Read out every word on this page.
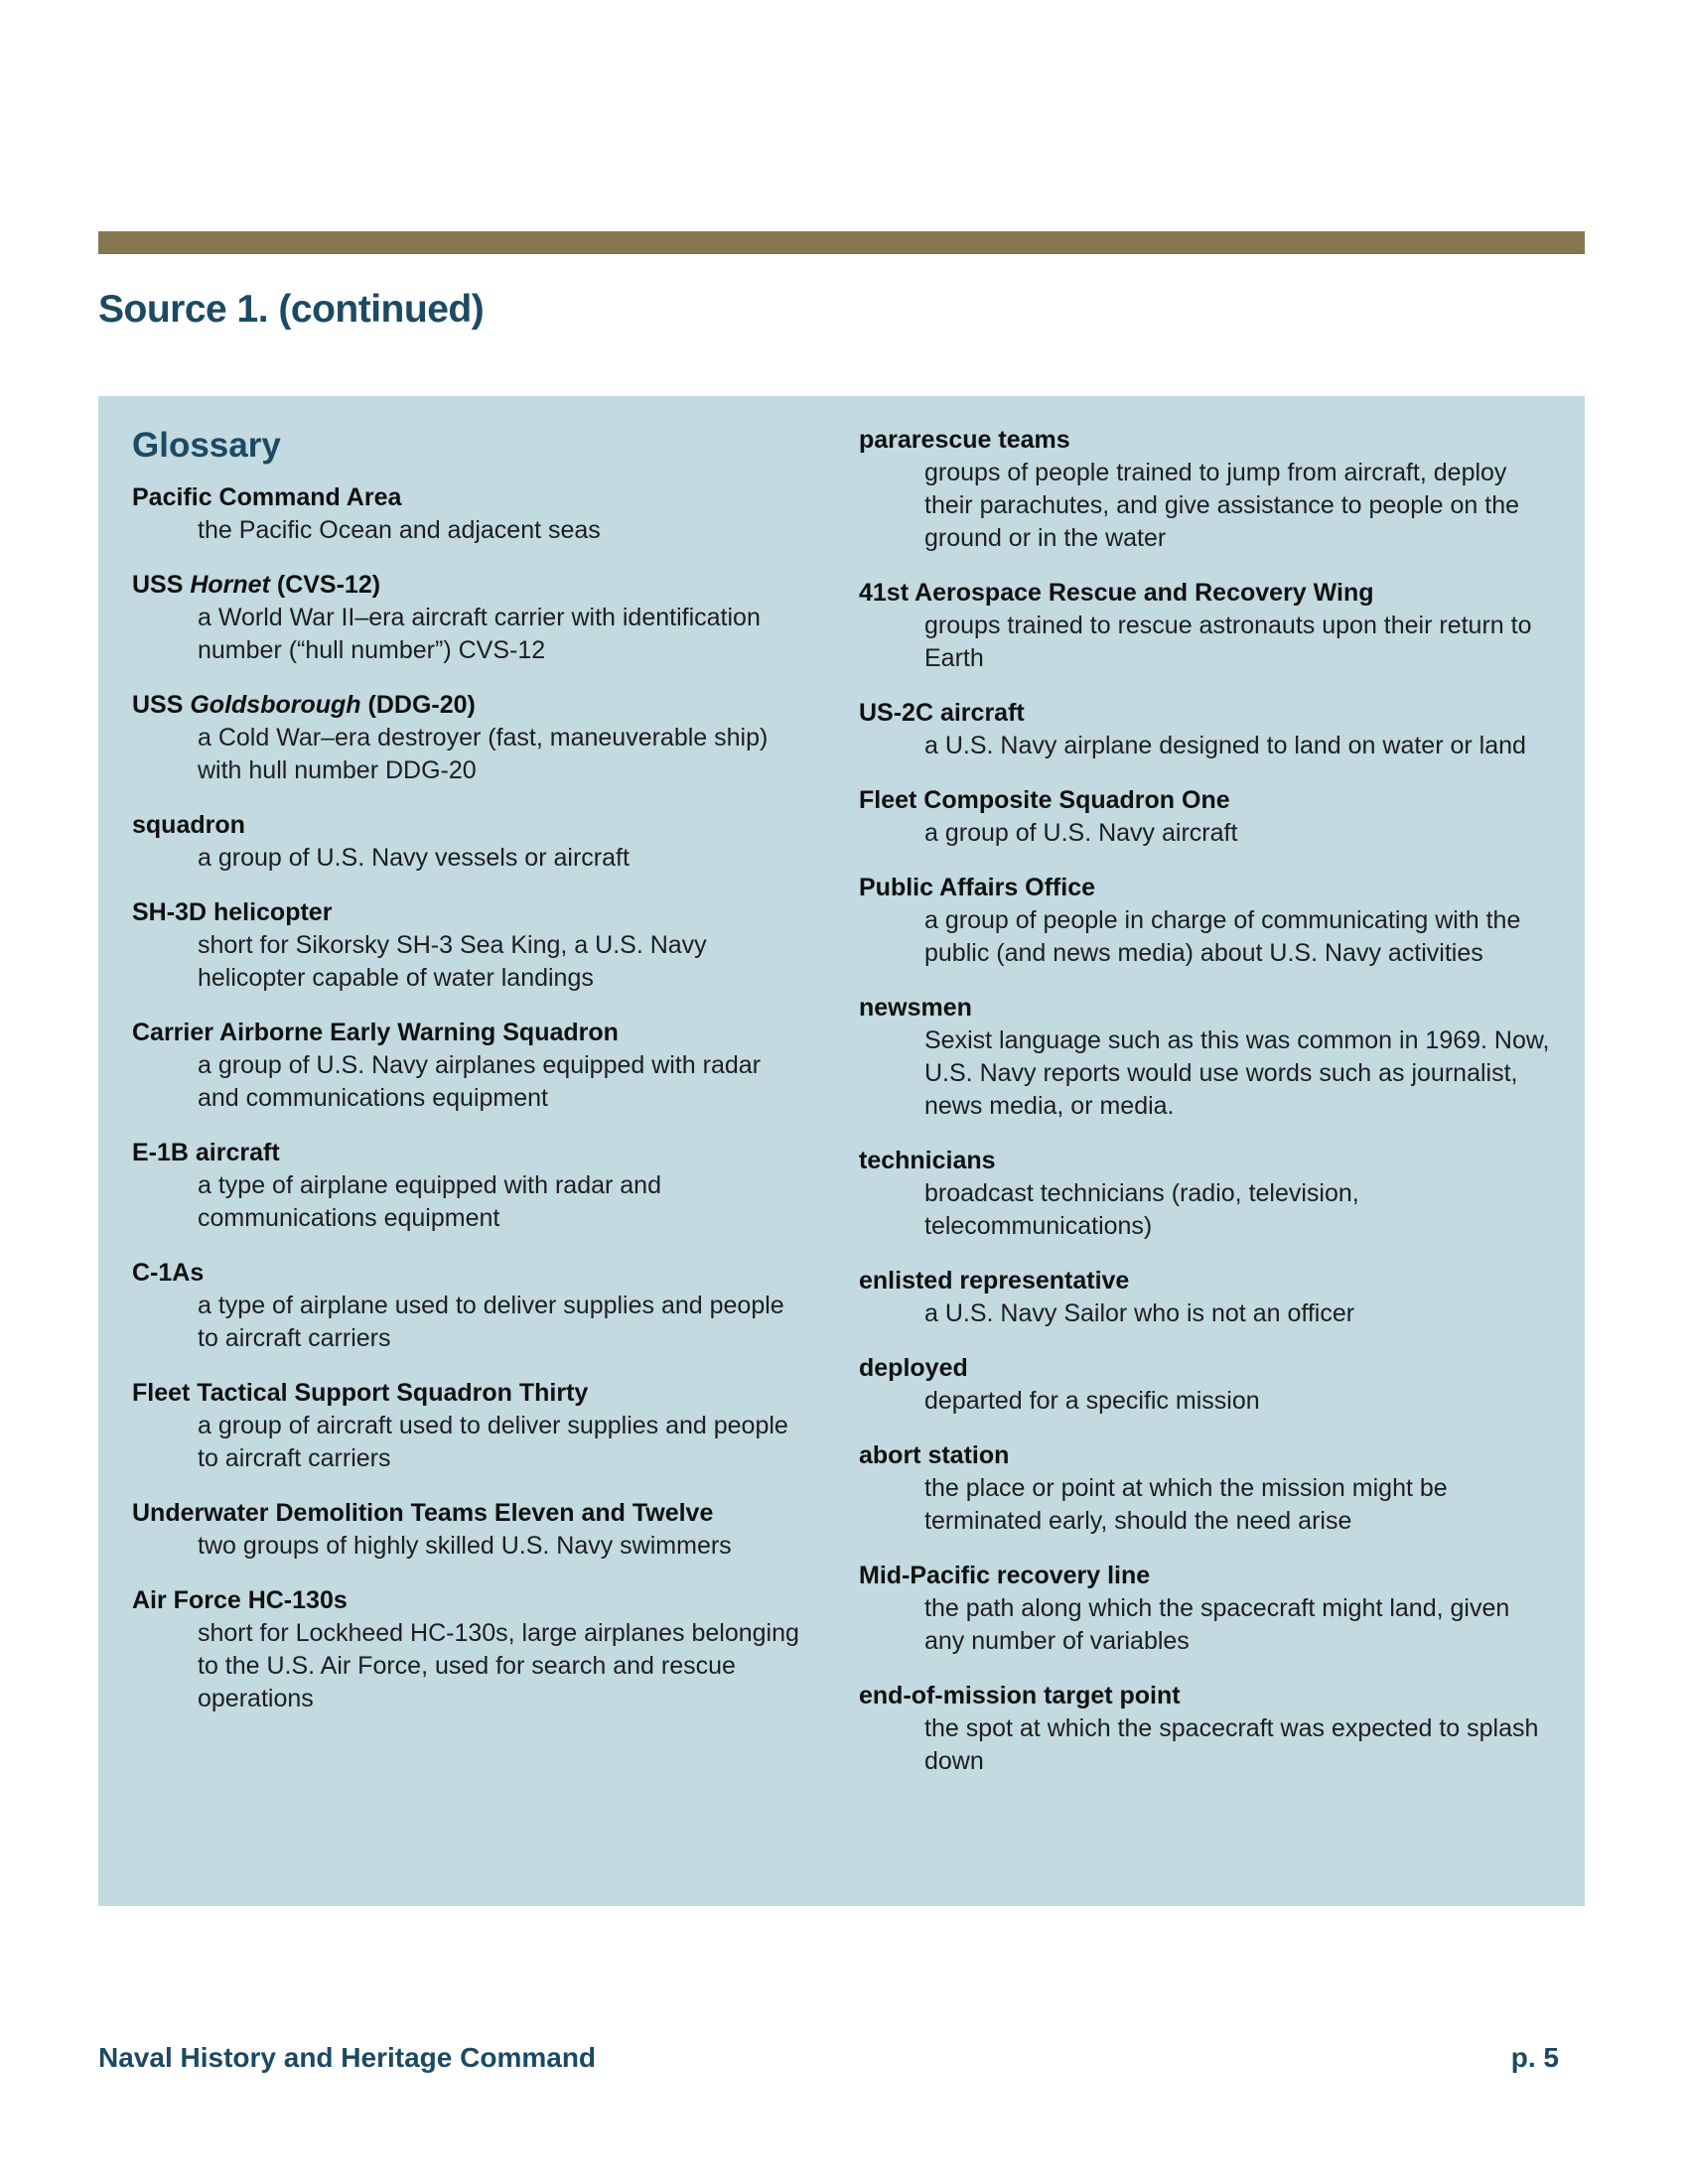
Source 1. (continued)
Glossary
Pacific Command Area
the Pacific Ocean and adjacent seas
USS Hornet (CVS-12)
a World War II–era aircraft carrier with identification number (“hull number”) CVS-12
USS Goldsborough (DDG-20)
a Cold War–era destroyer (fast, maneuverable ship) with hull number DDG-20
squadron
a group of U.S. Navy vessels or aircraft
SH-3D helicopter
short for Sikorsky SH-3 Sea King, a U.S. Navy helicopter capable of water landings
Carrier Airborne Early Warning Squadron
a group of U.S. Navy airplanes equipped with radar and communications equipment
E-1B aircraft
a type of airplane equipped with radar and communications equipment
C-1As
a type of airplane used to deliver supplies and people to aircraft carriers
Fleet Tactical Support Squadron Thirty
a group of aircraft used to deliver supplies and people to aircraft carriers
Underwater Demolition Teams Eleven and Twelve
two groups of highly skilled U.S. Navy swimmers
Air Force HC-130s
short for Lockheed HC-130s, large airplanes belonging to the U.S. Air Force, used for search and rescue operations
pararescue teams
groups of people trained to jump from aircraft, deploy their parachutes, and give assistance to people on the ground or in the water
41st Aerospace Rescue and Recovery Wing
groups trained to rescue astronauts upon their return to Earth
US-2C aircraft
a U.S. Navy airplane designed to land on water or land
Fleet Composite Squadron One
a group of U.S. Navy aircraft
Public Affairs Office
a group of people in charge of communicating with the public (and news media) about U.S. Navy activities
newsmen
Sexist language such as this was common in 1969. Now, U.S. Navy reports would use words such as journalist, news media, or media.
technicians
broadcast technicians (radio, television, telecommunications)
enlisted representative
a U.S. Navy Sailor who is not an officer
deployed
departed for a specific mission
abort station
the place or point at which the mission might be terminated early, should the need arise
Mid-Pacific recovery line
the path along which the spacecraft might land, given any number of variables
end-of-mission target point
the spot at which the spacecraft was expected to splash down
Naval History and Heritage Command	p. 5
